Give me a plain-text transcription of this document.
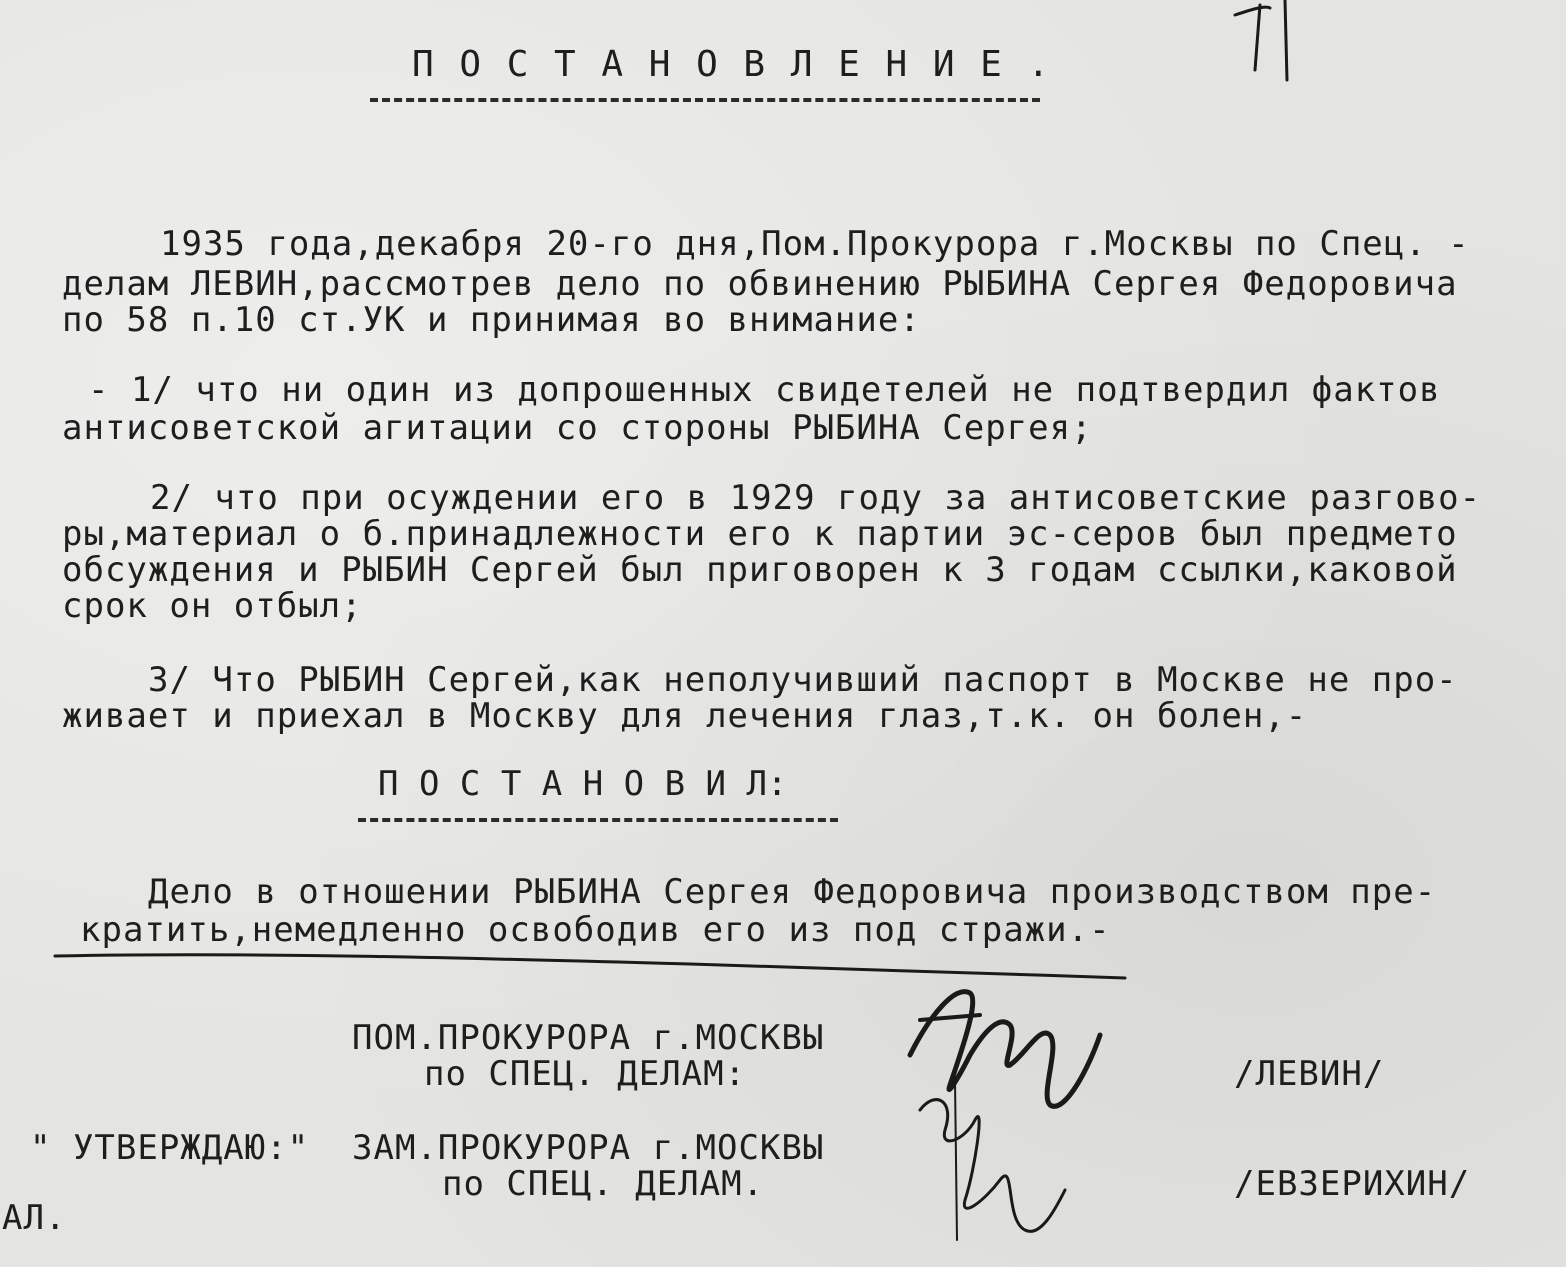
П О С Т А Н О В Л Е Н И Е .
1935 года,декабря 20-го дня,Пом.Прокурора г.Москвы по Спец. -
делам ЛЕВИН,рассмотрев дело по обвинению РЫБИНА Сергея Федоровича
по 58 п.10 ст.УК и принимая во внимание:
- 1/ что ни один из допрошенных свидетелей не подтвердил фактов
антисоветской агитации со стороны РЫБИНА Сергея;
2/ что при осуждении его в 1929 году за антисоветские разгово-
ры,материал о б.принадлежности его к партии эс-серов был предмето
обсуждения и РЫБИН Сергей был приговорен к 3 годам ссылки,каковой
срок он отбыл;
3/ Что РЫБИН Сергей,как неполучивший паспорт в Москве не про-
живает и приехал в Москву для лечения глаз,т.к. он болен,-
П О С Т А Н О В И Л:
Дело в отношении РЫБИНА Сергея Федоровича производством пре-
кратить,немедленно освободив его из под стражи.-
ПОМ.ПРОКУРОРА г.МОСКВЫ
по СПЕЦ. ДЕЛАМ:	/ЛЕВИН/
" УТВЕРЖДАЮ:" ЗАМ.ПРОКУРОРА г.МОСКВЫ
по СПЕЦ. ДЕЛАМ.	/ЕВЗЕРИХИН/
АЛ.
